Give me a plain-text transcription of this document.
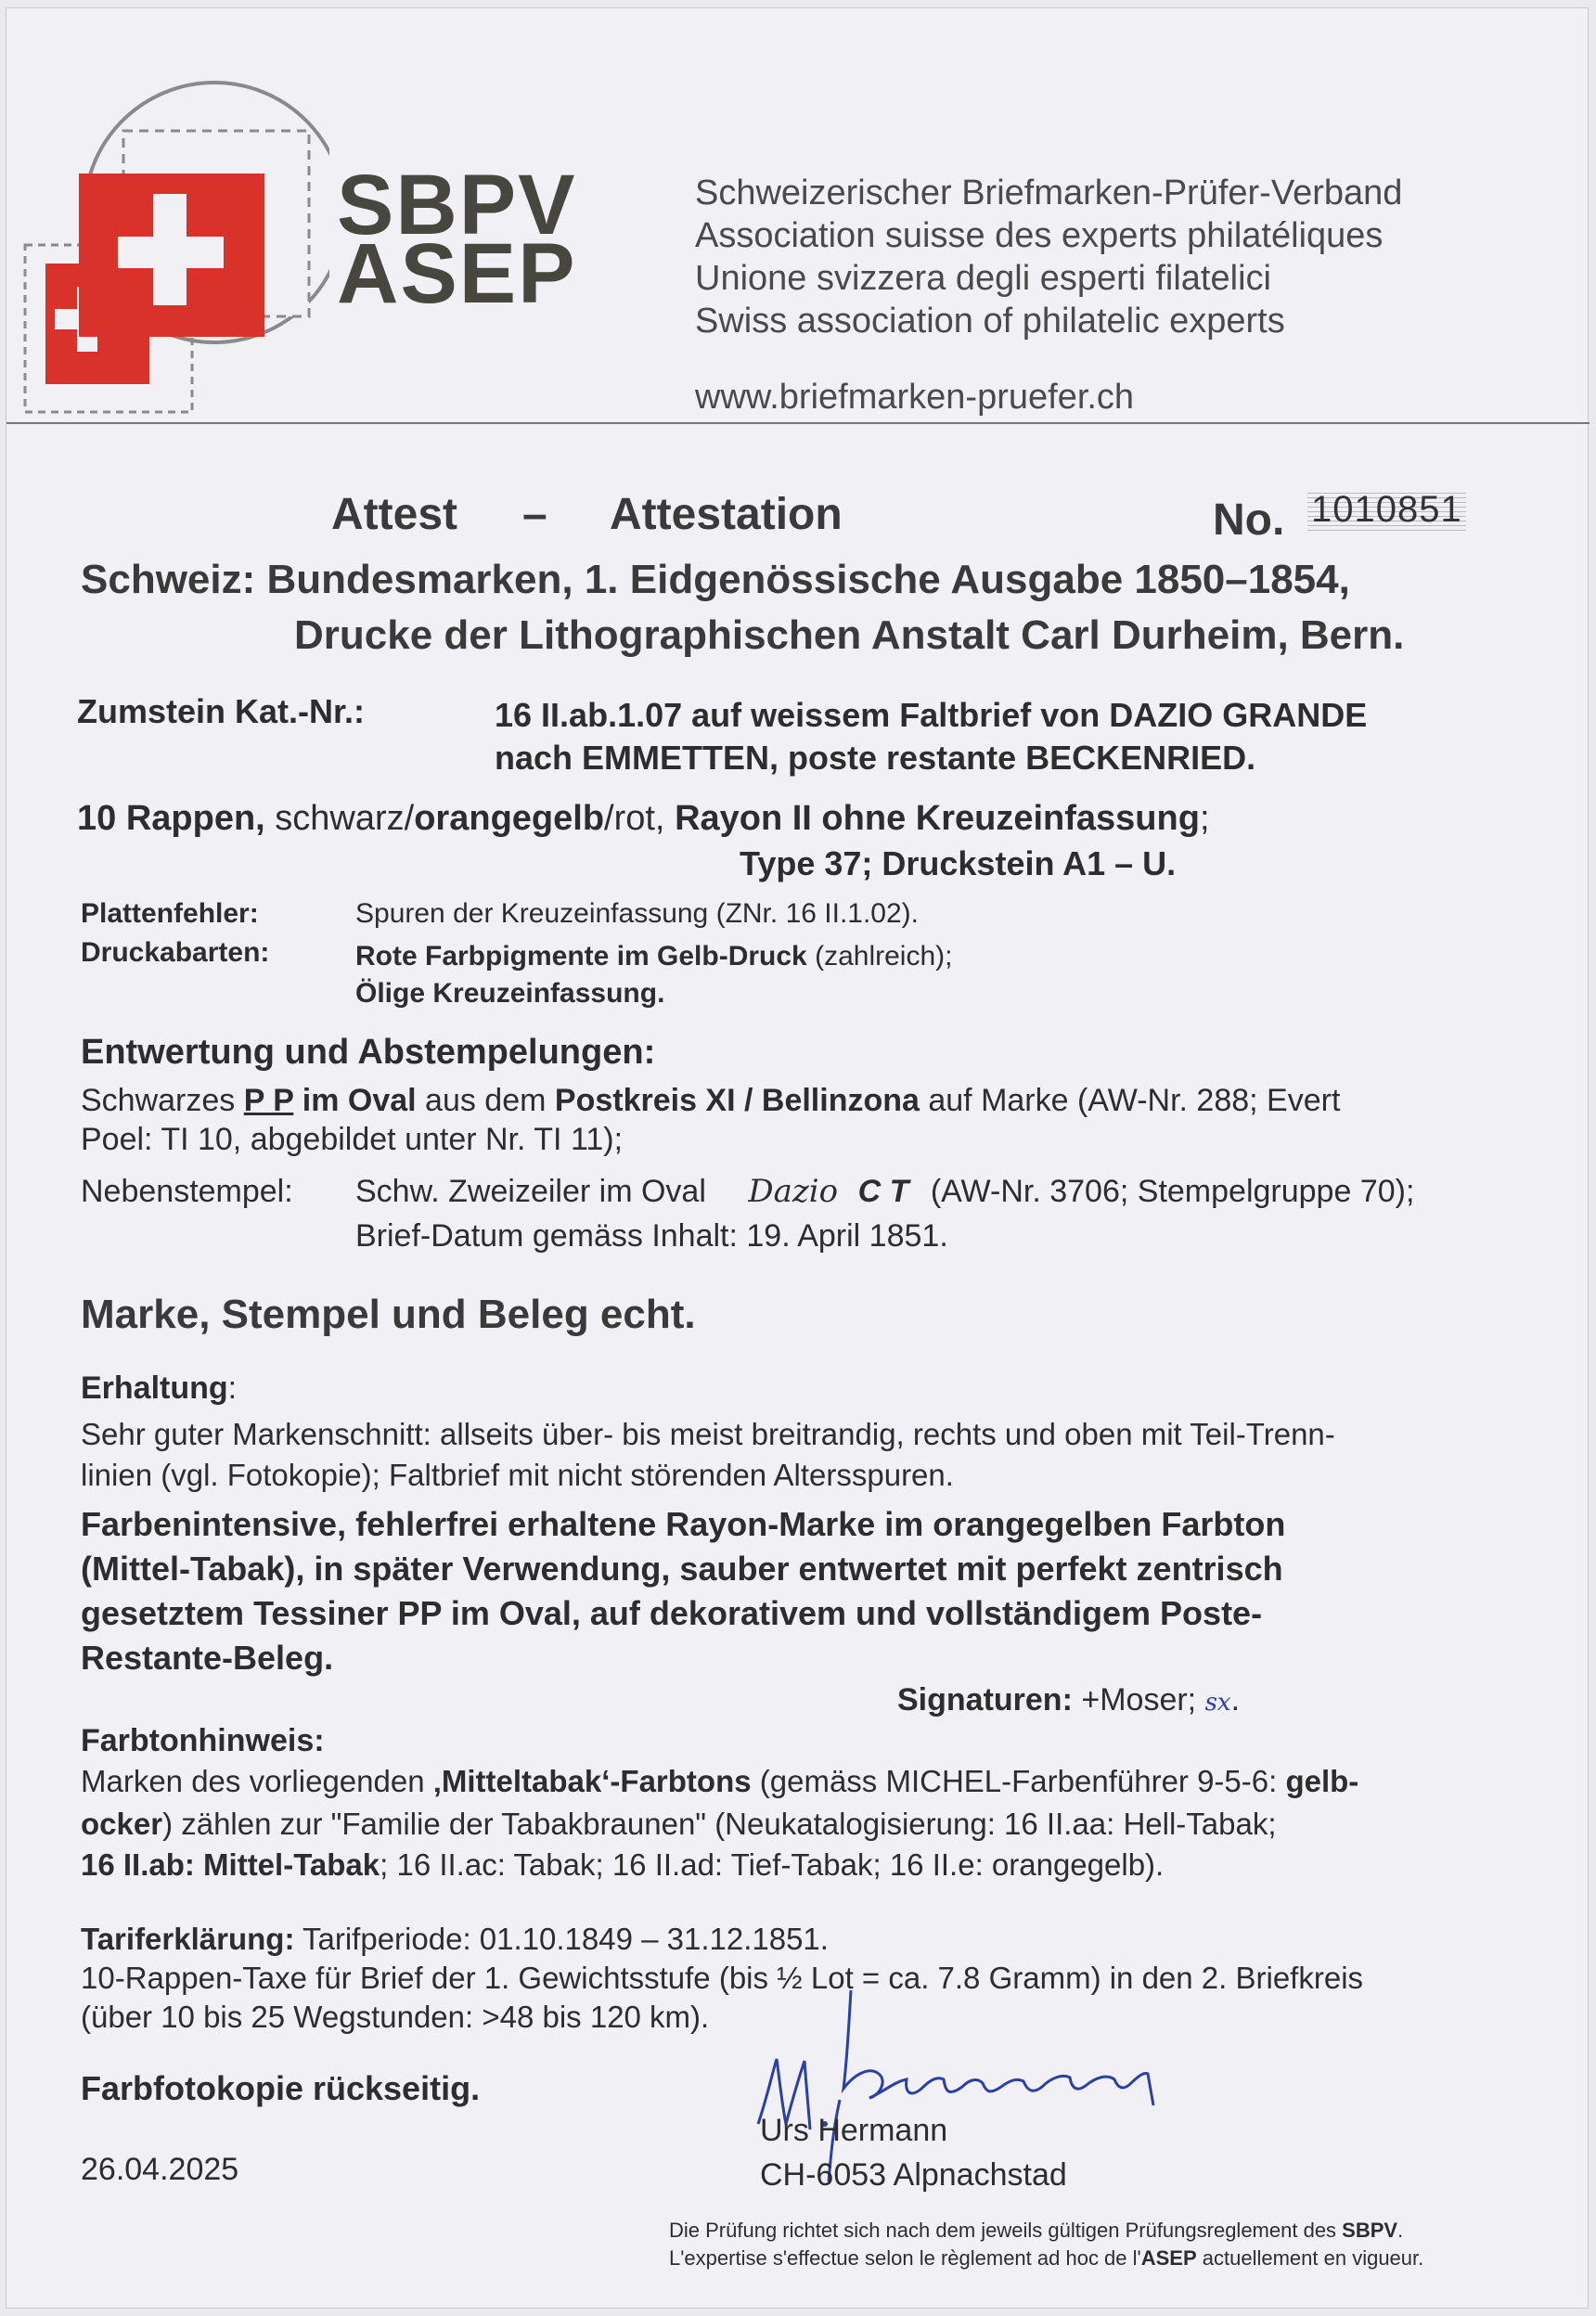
SBPV
ASEP
Schweizerischer Briefmarken-Prüfer-Verband
Association suisse des experts philatéliques
Unione svizzera degli esperti filatelici
Swiss association of philatelic experts
www.briefmarken-pruefer.ch
Attest – Attestation	No. 1010851
Schweiz: Bundesmarken, 1. Eidgenössische Ausgabe 1850–1854,
Drucke der Lithographischen Anstalt Carl Durheim, Bern.
Zumstein Kat.-Nr.:	16 II.ab.1.07 auf weissem Faltbrief von DAZIO GRANDE
nach EMMETTEN, poste restante BECKENRIED.
10 Rappen, schwarz/orangegelb/rot, Rayon II ohne Kreuzeinfassung;
Type 37; Druckstein A1 – U.
Plattenfehler:	Spuren der Kreuzeinfassung (ZNr. 16 II.1.02).
Druckabarten:	Rote Farbpigmente im Gelb-Druck (zahlreich);
Ölige Kreuzeinfassung.
Entwertung und Abstempelungen:
Schwarzes P P im Oval aus dem Postkreis XI / Bellinzona auf Marke (AW-Nr. 288; Evert
Poel: TI 10, abgebildet unter Nr. TI 11);
Nebenstempel: Schw. Zweizeiler im Oval Dazio C T (AW-Nr. 3706; Stempelgruppe 70);
Brief-Datum gemäss Inhalt: 19. April 1851.
Marke, Stempel und Beleg echt.
Erhaltung:
Sehr guter Markenschnitt: allseits über- bis meist breitrandig, rechts und oben mit Teil-Trenn-
linien (vgl. Fotokopie); Faltbrief mit nicht störenden Altersspuren.
Farbenintensive, fehlerfrei erhaltene Rayon-Marke im orangegelben Farbton
(Mittel-Tabak), in später Verwendung, sauber entwertet mit perfekt zentrisch
gesetztem Tessiner PP im Oval, auf dekorativem und vollständigem Poste-
Restante-Beleg.
Signaturen: +Moser; sx.
Farbtonhinweis:
Marken des vorliegenden ‚Mitteltabak‘-Farbtons (gemäss MICHEL-Farbenführer 9-5-6: gelb-
ocker) zählen zur "Familie der Tabakbraunen" (Neukatalogisierung: 16 II.aa: Hell-Tabak;
16 II.ab: Mittel-Tabak; 16 II.ac: Tabak; 16 II.ad: Tief-Tabak; 16 II.e: orangegelb).
Tariferklärung: Tarifperiode: 01.10.1849 – 31.12.1851.
10-Rappen-Taxe für Brief der 1. Gewichtsstufe (bis ½ Lot = ca. 7.8 Gramm) in den 2. Briefkreis
(über 10 bis 25 Wegstunden: >48 bis 120 km).
Farbfotokopie rückseitig.
Urs Hermann
CH-6053 Alpnachstad
26.04.2025
Die Prüfung richtet sich nach dem jeweils gültigen Prüfungsreglement des SBPV.
L'expertise s'effectue selon le règlement ad hoc de l'ASEP actuellement en vigueur.
